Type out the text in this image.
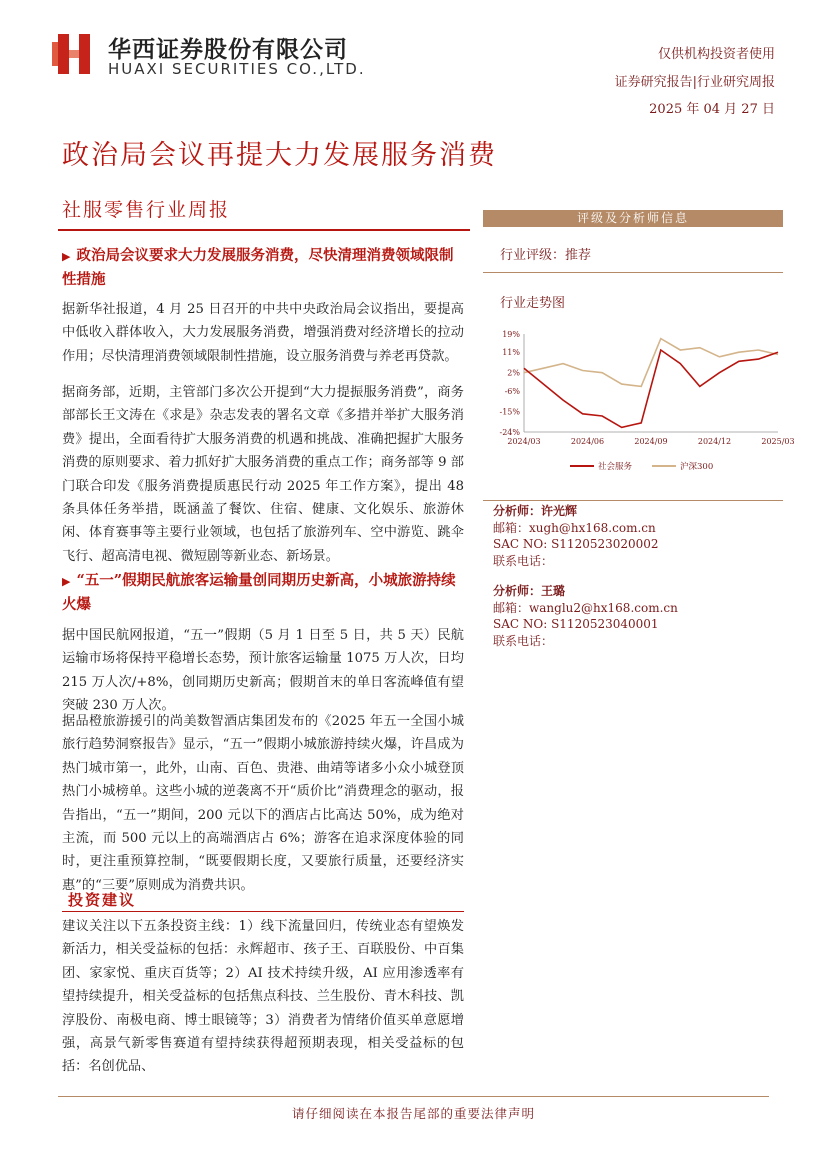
华西证券股份有限公司
HUAXI SECURITIES CO.,LTD.
仅供机构投资者使用
证券研究报告|行业研究周报
2025 年 04 月 27 日
政治局会议再提大力发展服务消费
社服零售行业周报
▶ 政治局会议要求大力发展服务消费，尽快清理消费领域限制性措施
据新华社报道，4 月 25 日召开的中共中央政治局会议指出，要提高中低收入群体收入，大力发展服务消费，增强消费对经济增长的拉动作用；尽快清理消费领域限制性措施，设立服务消费与养老再贷款。
据商务部，近期，主管部门多次公开提到“大力提振服务消费”，商务部部长王文涛在《求是》杂志发表的署名文章《多措并举扩大服务消费》提出，全面看待扩大服务消费的机遇和挑战、准确把握扩大服务消费的原则要求、着力抓好扩大服务消费的重点工作；商务部等 9 部门联合印发《服务消费提质惠民行动 2025 年工作方案》，提出 48 条具体任务举措，既涵盖了餐饮、住宿、健康、文化娱乐、旅游休闲、体育赛事等主要行业领域，也包括了旅游列车、空中游览、跳伞飞行、超高清电视、微短剧等新业态、新场景。
▶ “五一”假期民航旅客运输量创同期历史新高，小城旅游持续火爆
据中国民航网报道，“五一”假期（5 月 1 日至 5 日，共 5 天）民航运输市场将保持平稳增长态势，预计旅客运输量 1075 万人次，日均 215 万人次/+8%，创同期历史新高；假期首末的单日客流峰值有望突破 230 万人次。
据品橙旅游援引的尚美数智酒店集团发布的《2025 年五一全国小城旅行趋势洞察报告》显示，“五一”假期小城旅游持续火爆，许昌成为热门城市第一，此外，山南、百色、贵港、曲靖等诸多小众小城登顶热门小城榜单。这些小城的逆袭离不开“质价比”消费理念的驱动，报告指出，“五一”期间，200 元以下的酒店占比高达 50%，成为绝对主流，而 500 元以上的高端酒店占 6%；游客在追求深度体验的同时，更注重预算控制，“既要假期长度，又要旅行质量，还要经济实惠”的“三要”原则成为消费共识。
投资建议
建议关注以下五条投资主线：1）线下流量回归，传统业态有望焕发新活力，相关受益标的包括：永辉超市、孩子王、百联股份、中百集团、家家悦、重庆百货等；2）AI 技术持续升级，AI 应用渗透率有望持续提升，相关受益标的包括焦点科技、兰生股份、青木科技、凯淳股份、南极电商、博士眼镜等；3）消费者为情绪价值买单意愿增强，高景气新零售赛道有望持续获得超预期表现，相关受益标的包括：名创优品、
评级及分析师信息
行业评级：推荐
行业走势图
19%
11%
2%
-6%
-15%
-24%
2024/03	2024/06	2024/09	2024/12	2025/03
社会服务	沪深300
分析师：许光辉
邮箱：xugh@hx168.com.cn
SAC NO: S1120523020002
联系电话：
分析师：王璐
邮箱：wanglu2@hx168.com.cn
SAC NO: S1120523040001
联系电话：
请仔细阅读在本报告尾部的重要法律声明
